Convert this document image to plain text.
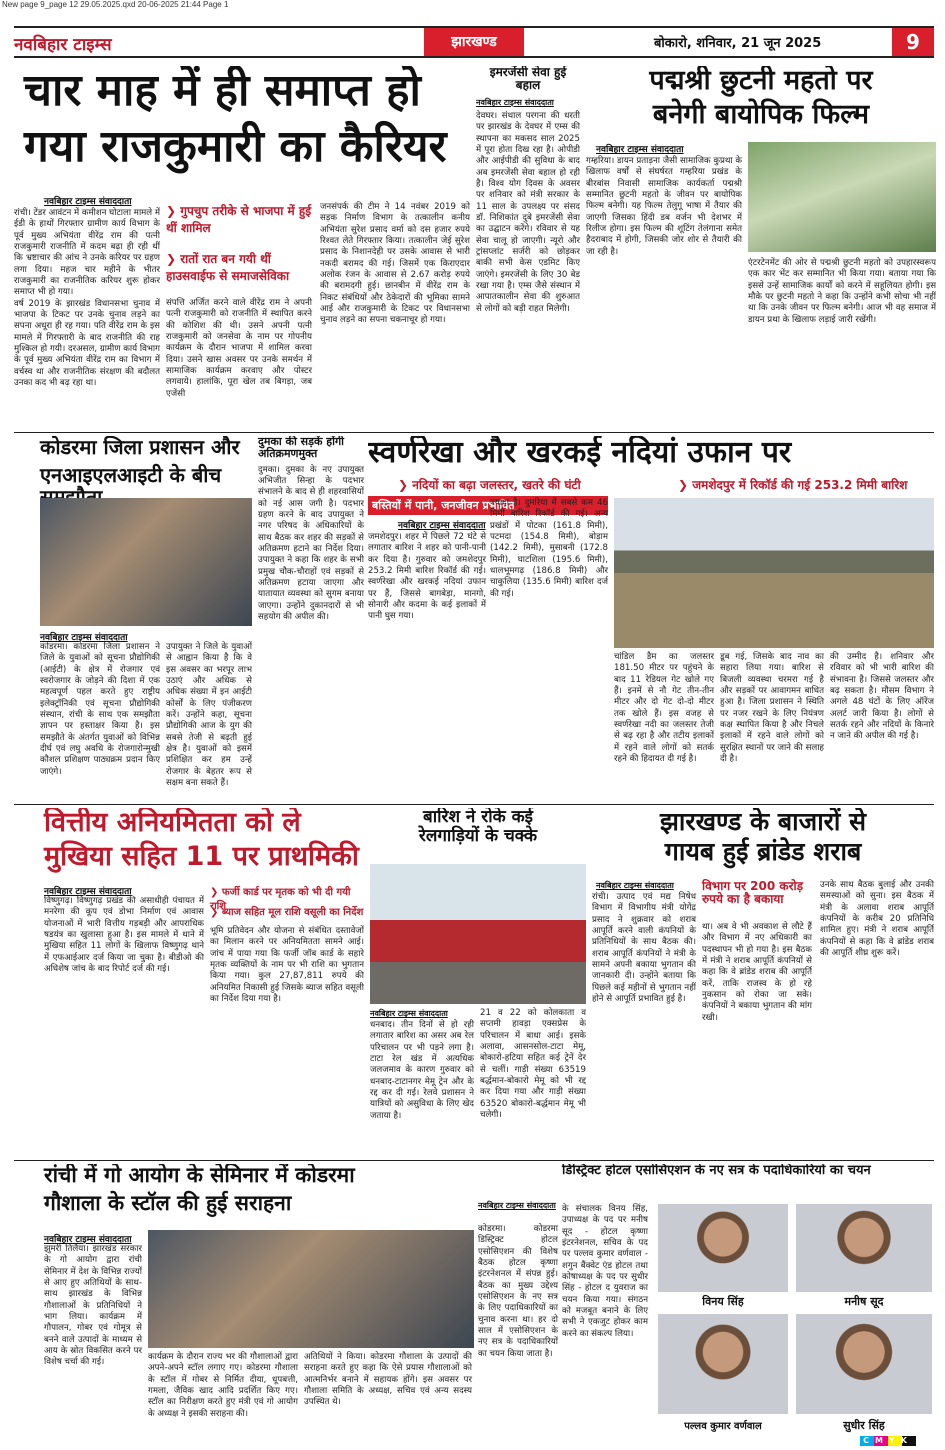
New page 9_page 12 29.05.2025.qxd 20-06-2025 21:44 Page 1
नवबिहार टाइम्स	झारखण्ड	बोकारो, शनिवार, 21 जून 2025	9
चार माह में ही समाप्त हो
गया राजकुमारी का कैरियर
नवबिहार टाइम्स संवाददाता

रांची। टेंडर आवंटन में कमीशन घोटाला मामले में ईडी के हाथों गिरफ्तार ग्रामीण कार्य विभाग के पूर्व मुख्य अभियंता वीरेंद्र राम की पत्नी राजकुमारी राजनीति में कदम बढ़ा ही रही थीं कि भ्रष्टाचार की आंच ने उनके करियर पर ग्रहण लगा दिया। महज चार महीने के भीतर राजकुमारी का राजनीतिक करियर शुरू होकर समाप्त भी हो गया।

वर्ष 2019 के झारखंड विधानसभा चुनाव में भाजपा के टिकट पर उनके चुनाव लड़ने का सपना अधूरा ही रह गया। पति वीरेंद्र राम के इस मामले में गिरफ्तारी के बाद राजनीति की राह मुश्किल हो गयी। दरअसल, ग्रामीण कार्य विभाग के पूर्व मुख्य अभियंता वीरेंद्र राम का विभाग में वर्चस्व था और राजनीतिक संरक्षण की बदौलत उनका कद भी बढ़ रहा था।

❯ गुपचुप तरीके से भाजपा में हुई थीं शामिल
❯ रातों रात बन गयी थीं हाउसवाईफ से समाजसेविका
संपत्ति अर्जित करने वाले वीरेंद्र राम ने अपनी पत्नी राजकुमारी को राजनीति में स्थापित करने की कोशिश की थी। उसने अपनी पत्नी राजकुमारी को जनसेवा के नाम पर गोपनीय कार्यक्रम के दौरान भाजपा में शामिल करवा दिया। उसने खास अवसर पर उनके समर्थन में सामाजिक कार्यक्रम करवाए और पोस्टर लगवाये। हालांकि, पूरा खेल तब बिगड़ा, जब एजेंसी
जनसंपर्क की टीम ने 14 नवंबर 2019 को सड़क निर्माण विभाग के तत्कालीन कनीय अभियंता सुरेश प्रसाद वर्मा को दस हजार रुपये रिश्वत लेते गिरफ्तार किया। तत्कालीन जेई सुरेश प्रसाद के निशानदेही पर उसके आवास से भारी नकदी बरामद की गई। जिसमें एक किराएदार अलोक रंजन के आवास से 2.67 करोड़ रुपये की बरामदगी हुई। छानबीन में वीरेंद्र राम के निकट संबंधियों और ठेकेदारों की भूमिका सामने आई और राजकुमारी के टिकट पर विधानसभा चुनाव लड़ने का सपना चकनाचूर हो गया।
इमरजेंसी सेवा हुई बहाल
नवबिहार टाइम्स संवाददाता
देवघर। संथाल परगना की धरती पर झारखंड के देवघर में एम्स की स्थापना का मकसद साल 2025 में पूरा होता दिख रहा है। ओपीडी और आईपीडी की सुविधा के बाद अब इमरजेंसी सेवा बहाल हो रही है। विश्व योग दिवस के अवसर पर शनिवार को मंत्री सरकार के 11 साल के उपलक्ष्य पर संसद डॉ. निशिकांत दुबे इमरजेंसी सेवा का उद्घाटन करेंगे। रविवार से यह सेवा चालू हो जाएगी। न्यूरो और ट्रांसप्लांट सर्जरी को छोड़कर बाकी सभी केस एडमिट किए जाएंगे। इमरजेंसी के लिए 30 बेड रखा गया है। एम्स जैसे संस्थान में आपातकालीन सेवा की शुरुआत से लोगों को बड़ी राहत मिलेगी।
पद्मश्री छुटनी महतो पर
बनेगी बायोपिक फिल्म
नवबिहार टाइम्स संवाददाता
गम्हरिया। डायन प्रताड़ना जैसी सामाजिक कुप्रथा के खिलाफ वर्षों से संघर्षरत गम्हरिया प्रखंड के बीरबांस निवासी सामाजिक कार्यकर्ता पद्मश्री सम्मानित छुटनी महतो के जीवन पर बायोपिक फिल्म बनेगी। यह फिल्म तेलुगू भाषा में तैयार की जाएगी जिसका हिंदी डब वर्जन भी देशभर में रिलीज होगा। इस फिल्म की शूटिंग तेलंगाना समेत हैदराबाद में होगी, जिसकी जोर शोर से तैयारी की जा रही है।
एंटरटेनमेंट की ओर से पद्मश्री छुटनी महतो को उपहारस्वरूप एक कार भेंट कर सम्मानित भी किया गया। बताया गया कि इससे उन्हें सामाजिक कार्यों को करने में सहूलियत होगी। इस मौके पर छुटनी महतो ने कहा कि उन्होंने कभी सोचा भी नहीं था कि उनके जीवन पर फिल्म बनेगी। आज भी वह समाज में डायन प्रथा के खिलाफ लड़ाई जारी रखेंगी।
कोडरमा जिला प्रशासन और
एनआइएलआइटी के बीच
नवबिहार टाइम्स संवाददाता
कोडरमा। कोडरमा जिला प्रशासन ने जिले के युवाओं को सूचना प्रौद्योगिकी (आईटी) के क्षेत्र में रोजगार एवं स्वरोजगार के जोड़ने की दिशा में एक महत्वपूर्ण पहल करते हुए राष्ट्रीय इलेक्ट्रॉनिकी एवं सूचना प्रौद्योगिकी संस्थान, रांची के साथ एक समझौता ज्ञापन पर हस्ताक्षर किया है। इस समझौते के अंतर्गत युवाओं को विभिन्न दीर्घ एवं लघु अवधि के रोजगारोन्मुखी कौशल प्रशिक्षण पाठ्यक्रम प्रदान किए जाएंगे।
उपायुक्त ने जिले के युवाओं से आह्वान किया है कि वे इस अवसर का भरपूर लाभ उठाएं और अधिक से अधिक संख्या में इन आईटी कोर्सों के लिए पंजीकरण करें। उन्होंने कहा, सूचना प्रौद्योगिकी आज के युग की सबसे तेजी से बढ़ती हुई क्षेत्र है। युवाओं को इसमें प्रशिक्षित कर हम उन्हें रोजगार के बेहतर रूप से सक्षम बना सकते हैं।
दुमका की सड़कें होंगी अतिक्रमणमुक्त
दुमका। दुमका के नए उपायुक्त अभिजीत सिन्हा के पदभार संभालने के बाद से ही शहरवासियों को नई आस जगी है। पदभार ग्रहण करने के बाद उपायुक्त ने नगर परिषद के अधिकारियों के साथ बैठक कर शहर की सड़कों से अतिक्रमण हटाने का निर्देश दिया। उपायुक्त ने कहा कि शहर के सभी प्रमुख चौक-चौराहों एवं सड़कों से अतिक्रमण हटाया जाएगा और यातायात व्यवस्था को सुगम बनाया जाएगा। उन्होंने दुकानदारों से भी सहयोग की अपील की।
स्वर्णरेखा और खरकई नदियां उफान पर
❯ नदियों का बढ़ा जलस्तर, खतरे की घंटी
❯	जमशेदपुर में रिकॉर्ड की गई 253.2 मिमी बारिश
बस्तियों में पानी, जनजीवन प्रभावित
नवबिहार टाइम्स संवाददाता
जमशेदपुर। शहर में पिछले 72 घंटे से लगातार बारिश ने शहर को पानी-पानी कर दिया है। गुरुवार को जमशेदपुर 253.2 मिमी बारिश रिकॉर्ड की गई। स्वर्णरेखा और खरकई नदियां उफान पर हैं, जिससे बागबेड़ा, मानगो, सोनारी और कदमा के कई इलाकों में पानी घुस गया।
ज्यादा है। दुमरिया में सबसे कम 46 मिमी बारिश रिकॉर्ड की गई। अन्य प्रखंडों में पोटका (161.8 मिमी), पटमदा (154.8 मिमी), बोड़ाम (142.2 मिमी), मुसाबनी (172.8 मिमी), घाटशिला (195.6 मिमी), धालभूमगढ़ (186.8 मिमी) और चाकुलिया (135.6 मिमी) बारिश दर्ज की गई।
चांडिल डैम का जलस्तर 181.50 मीटर पर पहुंचने के बाद 11 रेडियल गेट खोले गए हैं। इनमें से नौ गेट तीन-तीन मीटर और दो गेट दो-दो मीटर तक खोले हैं। इस वजह से स्वर्णरेखा नदी का जलस्तर तेजी से बढ़ रहा है और तटीय इलाकों में रहने वाले लोगों को सतर्क रहने की हिदायत दी गई है।
डूब गई, जिसके बाद नाव का सहारा लिया गया। बारिश से बिजली व्यवस्था चरमरा गई है और सड़कों पर आवागमन बाधित हुआ है। जिला प्रशासन ने स्थिति पर नजर रखने के लिए नियंत्रण कक्ष स्थापित किया है और निचले इलाकों में रहने वाले लोगों को सुरक्षित स्थानों पर जाने की सलाह दी है।
की उम्मीद है। शनिवार और रविवार को भी भारी बारिश की संभावना है। जिससे जलस्तर और बढ़ सकता है। मौसम विभाग ने अगले 48 घंटों के लिए ऑरेंज अलर्ट जारी किया है। लोगों से सतर्क रहने और नदियों के किनारे न जाने की अपील की गई है।
वित्तीय अनियमितता को ले
मुखिया सहित 11 पर प्राथमिकी
नवबिहार टाइम्स संवाददाता
विष्णुगढ़। विष्णुगढ़ प्रखंड की असाधीही पंचायत में मनरेगा की कूप एवं डोभा निर्माण एवं आवास योजनाओं में भारी वित्तीय गड़बड़ी और आपराधिक षडयंत्र का खुलासा हुआ है। इस मामले में थाने में मुखिया सहित 11 लोगों के खिलाफ विष्णुगढ़ थाने में एफआईआर दर्ज किया जा चुका है। बीडीओ की अधिशेष जांच के बाद रिपोर्ट दर्ज की गई।
❯ फर्जी कार्ड पर मृतक को भी दी गयी राशि
❯ ब्याज सहित मूल राशि वसूली का निर्देश
भूमि प्रतिवेदन और योजना से संबंधित दस्तावेजों का मिलान करने पर अनियमितता सामने आई। जांच में पाया गया कि फर्जी जॉब कार्ड के सहारे मृतक व्यक्तियों के नाम पर भी राशि का भुगतान किया गया। कुल 27,87,811 रुपये की अनियमित निकासी हुई जिसके ब्याज सहित वसूली का निर्देश दिया गया है।
बारिश ने रोके कई
रेलगाड़ियों के चक्के
नवबिहार टाइम्स संवाददाता
धनबाद। तीन दिनों से हो रही लगातार बारिश का असर अब रेल परिचालन पर भी पड़ने लगा है। टाटा रेल खंड में अत्यधिक जलजमाव के कारण गुरुवार को धनबाद-टाटानगर मेमू ट्रेन और के रद्द कर दी गई। रेलवे प्रशासन ने यात्रियों को असुविधा के लिए खेद जताया है।
21 व 22 को कोलकाता व सप्तमी हावड़ा एक्सप्रेस के परिचालन में बाधा आई। इसके अलावा, आसनसोल-टाटा मेमू, बोकारो-हटिया सहित कई ट्रेनें देर से चलीं। गाड़ी संख्या 63519 बर्द्धमान-बोकारो मेमू को भी रद्द कर दिया गया और गाड़ी संख्या 63520 बोकारो-बर्द्धमान मेमू भी चलेगी।
झारखण्ड के बाजारों से
गायब हुई ब्रांडेड शराब
नवबिहार टाइम्स संवाददाता
रांची। उत्पाद एवं मद्य निषेध विभाग में विभागीय मंत्री योगेंद्र प्रसाद ने शुक्रवार को शराब आपूर्ति करने वाली कंपनियों के प्रतिनिधियों के साथ बैठक की। शराब आपूर्ति कंपनियों ने मंत्री के सामने अपनी बकाया भुगतान की जानकारी दी। उन्होंने बताया कि पिछले कई महीनों से भुगतान नहीं होने से आपूर्ति प्रभावित हुई है।
विभाग पर 200 करोड़ रुपये का है बकाया
था। अब वे भी अवकाश से लौटे हैं और विभाग में नए अधिकारी का पदस्थापन भी हो गया है। इस बैठक में मंत्री ने शराब आपूर्ति कंपनियों से कहा कि वे ब्रांडेड शराब की आपूर्ति करें, ताकि राजस्व के हो रहे नुकसान को रोका जा सके। कंपनियों ने बकाया भुगतान की मांग रखी।
उनके साथ बैठक बुलाई और उनकी समस्याओं को सुना। इस बैठक में मंत्री के अलावा शराब आपूर्ति कंपनियों के करीब 20 प्रतिनिधि शामिल हुए। मंत्री ने शराब आपूर्ति कंपनियों से कहा कि वे ब्रांडेड शराब की आपूर्ति शीघ्र शुरू करें।
रांची में गो आयोग के सेमिनार में कोडरमा
गौशाला के स्टॉल की हुई सराहना
नवबिहार टाइम्स संवाददाता
झुमरी तिलैया। झारखंड सरकार के गो आयोग द्वारा रांची सेमिनार में देश के विभिन्न राज्यों से आए हुए अतिथियों के साथ-साथ झारखंड के विभिन्न गौशालाओं के प्रतिनिधियों ने भाग लिया। कार्यक्रम में गौपालन, गोबर एवं गोमूत्र से बनने वाले उत्पादों के माध्यम से आय के स्रोत विकसित करने पर विशेष चर्चा की गई।
कार्यक्रम के दौरान राज्य भर की गौशालाओं द्वारा अपने-अपने स्टॉल लगाए गए। कोडरमा गौशाला के स्टॉल में गोबर से निर्मित दीया, धूपबत्ती, गमला, जैविक खाद आदि प्रदर्शित किए गए। स्टॉल का निरीक्षण करते हुए मंत्री एवं गो आयोग के अध्यक्ष ने इसकी सराहना की।
अतिथियों ने किया। कोडरमा गौशाला के उत्पादों की सराहना करते हुए कहा कि ऐसे प्रयास गौशालाओं को आत्मनिर्भर बनाने में सहायक होंगे। इस अवसर पर गौशाला समिति के अध्यक्ष, सचिव एवं अन्य सदस्य उपस्थित थे।
डिस्ट्रिक्ट होटल एसोसिएशन के नए सत्र के पदाधिकारियों का चयन
नवबिहार टाइम्स संवाददाता
कोडरमा। कोडरमा डिस्ट्रिक्ट होटल एसोसिएशन की विशेष बैठक होटल कृष्णा इंटरनेशनल में संपन्न हुई। बैठक का मुख्य उद्देश्य एसोसिएशन के नए सत्र के लिए पदाधिकारियों का चुनाव करना था। हर दो साल में एसोसिएशन के नए सत्र के पदाधिकारियों का चयन किया जाता है।
के संचालक विनय सिंह, उपाध्यक्ष के पद पर मनीष सूद - होटल कृष्णा इंटरनेशनल, सचिव के पद पर पल्लव कुमार वर्णवाल - शगुन बैंक्वेट एंड होटल तथा कोषाध्यक्ष के पद पर सुधीर सिंह - होटल द युवराज का चयन किया गया। संगठन को मजबूत बनाने के लिए सभी ने एकजुट होकर काम करने का संकल्प लिया।
विनय सिंह	मनीष सूद
पल्लव कुमार वर्णवाल	सुधीर सिंह
CMYK
